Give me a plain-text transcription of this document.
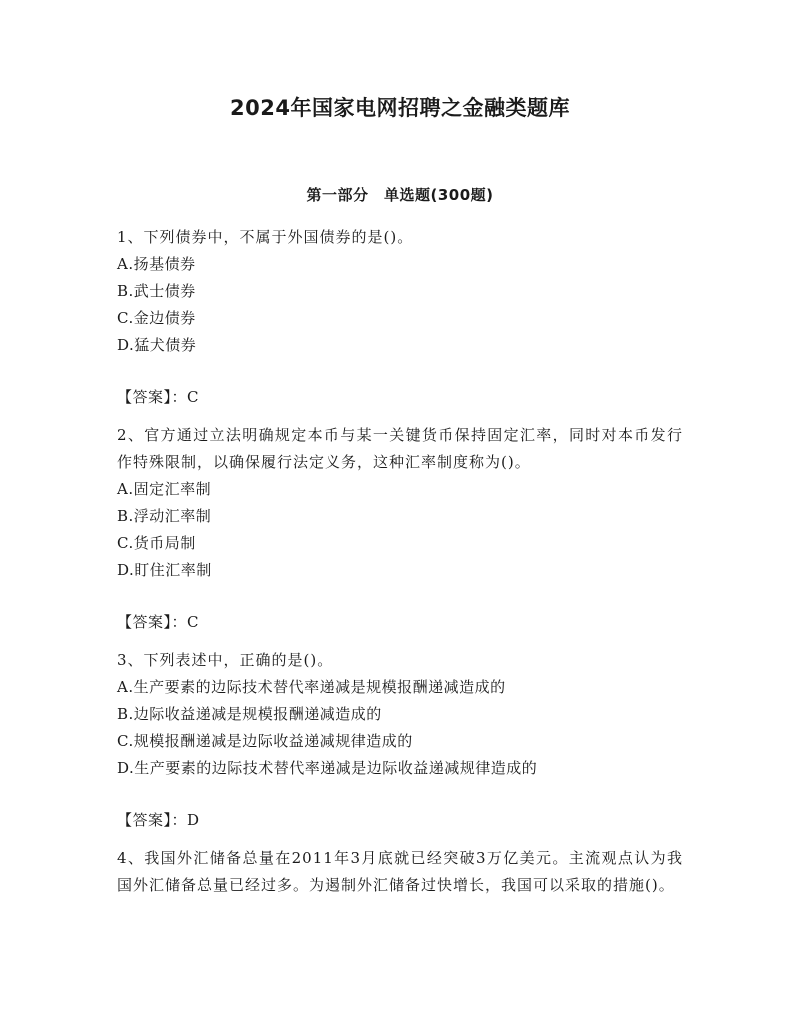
2024年国家电网招聘之金融类题库
第一部分　单选题(300题)

1、下列债券中，不属于外国债券的是()。

A.扬基债券

B.武士债券

C.金边债券

D.猛犬债券

【答案】：C

2、官方通过立法明确规定本币与某一关键货币保持固定汇率，同时对本币发行作特殊限制，以确保履行法定义务，这种汇率制度称为()。

A.固定汇率制

B.浮动汇率制

C.货币局制

D.盯住汇率制

【答案】：C

3、下列表述中，正确的是()。

A.生产要素的边际技术替代率递减是规模报酬递减造成的

B.边际收益递减是规模报酬递减造成的

C.规模报酬递减是边际收益递减规律造成的

D.生产要素的边际技术替代率递减是边际收益递减规律造成的

【答案】：D

4、我国外汇储备总量在2011年3月底就已经突破3万亿美元。主流观点认为我国外汇储备总量已经过多。为遏制外汇储备过快增长，我国可以采取的措施()。
